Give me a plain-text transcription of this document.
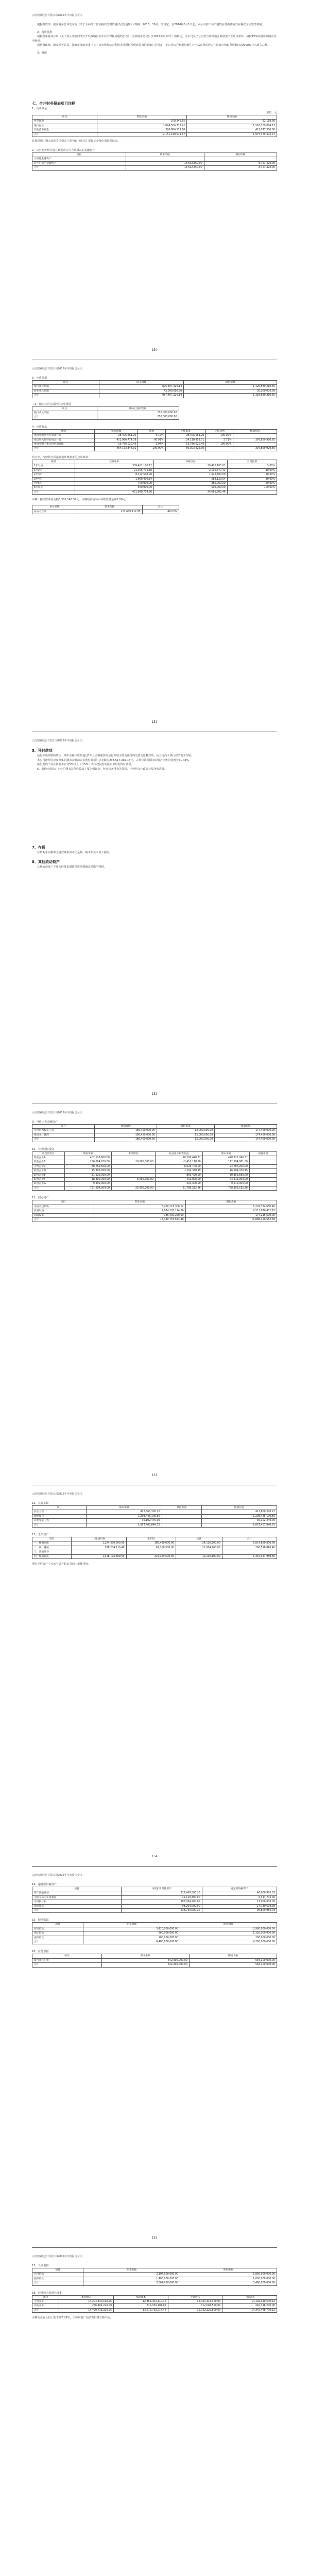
云南铝业股份有限公司2015年年度报告全文
150
云南铝业股份有限公司2015年年度报告全文
151
云南铝业股份有限公司2015年年度报告全文
152
云南铝业股份有限公司2015年年度报告全文
153
云南铝业股份有限公司2015年年度报告全文
154
云南铝业股份有限公司2015年年度报告全文
155
云南铝业股份有限公司2015年年度报告全文

根据财政部、国家税务总局发布的《关于全面推开营业税改征增值税试点的通知》（财税〔2016〕36号）的规定，自2016年5月1日起，本公司的不动产租赁业务由征收营业税改为征收增值税。

2、税收优惠

根据国家税务总局《关于深入实施西部大开发战略有关企业所得税问题的公告》（国家税务总局公告2012年第12号）的规定，本公司及子公司符合西部地区鼓励类产业项目条件，减按15%的税率缴纳企业所得税。

根据财政部、国家税务总局、国家发展改革委《关于公布资源综合利用企业所得税优惠目录的通知》的规定，子公司综合利用资源生产产品取得的收入在计算应纳税所得额时减按90%计入收入总额。

3、其他

七、合并财务报表项目注释

1、货币资金

单位：元

项目	期末余额	期初余额
库存现金	108,346.55	92,118.30
银行存款	1,824,506,713.42	1,563,209,884.17
其他货币资金	326,804,519.60	412,077,300.00
合计	2,151,419,579.57	1,975,379,302.47

其他说明：期末其他货币资金主要为银行承兑汇票保证金及信用证保证金。

2、以公允价值计量且其变动计入当期损益的金融资产

项目	期末余额	期初余额
交易性金融资产		
其中：衍生金融资产	14,502,350.00	8,761,420.00
合计	14,502,350.00	8,761,420.00

3、应收票据

项目	期末余额	期初余额
银行承兑票据	895,407,320.14	1,126,580,210.55
商业承兑票据	42,000,000.00	30,000,000.00
合计	937,407,320.14	1,156,580,210.55

（2）期末公司已质押的应收票据

项目	期末已质押金额
银行承兑票据	210,000,000.00
合计	210,000,000.00

4、应收账款

类别	账面余额	比例	坏账准备	计提比例	账面价值
单项金额重大并单项计提	28,406,551.20	6.12%	28,406,551.20	100.00%	
按信用风险特征组合计提	421,980,774.36	90.91%	24,110,853.71	5.71%	397,869,920.65
单项金额不重大但单项计提	13,786,020.45	2.97%	13,786,020.45	100.00%	
合计	464,173,346.01	100.00%	66,303,425.36		397,869,920.65

组合中，按账龄分析法计提坏账准备的应收账款：

账龄	应收账款	坏账准备	计提比例
1年以内	389,402,100.12	19,470,105.01	5.00%
1至2年	21,305,774.10	2,130,577.41	10.00%
2至3年	8,112,500.00	1,622,500.00	20.00%
3至4年	1,960,400.14	588,120.04	30.00%
4至5年	700,000.00	350,000.00	50.00%
5年以上	500,000.00	500,000.00	100.00%
合计	421,980,774.36	24,661,302.46	

本期计提坏账准备金额6,382,140.52元；本期收回或转回坏账准备金额0.00元。

单位名称	期末余额	占比
前五名合计	213,660,412.85	46.03%

5、预付款项

预付款项按账龄列示：期末余额中账龄超过1年且金额重要的预付款项主要为预付的设备及原料款项，因合同尚未执行完毕而未结转。

本公司按预付对象归集的期末余额前五名预付款项汇总金额为238,517,302.16元，占预付款项期末余额合计数的比例为71.42%。

报告期内不存在持有本公司5%以上（含5%）表决权股份的股东单位的预付款项。

6、其他应收款：本公司期末其他应收款主要为保证金、押金及备用金等款项，已按照会计政策计提坏账准备。

7、存货

存货期末余额中无借款费用资本化金额，期末存货未用于担保。

8、其他流动资产

其他流动资产主要为待抵扣增值税进项税额及预缴所得税。

9、可供出售金融资产

项目	账面余额	减值准备	账面价值
可供出售权益工具	186,450,000.00	12,000,000.00	174,450,000.00
按成本计量的	186,450,000.00	12,000,000.00	174,450,000.00
合计	186,450,000.00	12,000,000.00	174,450,000.00

10、长期股权投资

被投资单位	期初余额	本期增加	权益法下投资损益	期末余额	减值准备
联营企业A	402,118,600.00		18,206,440.31	420,325,040.31	
联营企业B	156,004,200.00	20,000,000.00	-3,410,118.20	172,594,081.80	
合营企业C	88,761,500.00		6,025,700.00	94,787,200.00	
联营企业D	45,300,000.00		1,204,330.15	46,504,330.15	
联营企业E	31,220,000.00		-860,420.00	30,359,580.00	
联营企业F	18,800,000.00	5,000,000.00	412,000.00	24,212,000.00	
联营企业G	9,400,000.00		210,300.00	9,610,300.00	
合计	751,604,300.00	25,000,000.00	21,788,332.26	798,392,532.26	

11、固定资产

项目	期末余额	期初余额
房屋及建筑物	6,420,118,300.12	6,201,334,650.40
机器设备	9,874,205,114.36	9,512,870,402.18
运输设备	186,430,220.00	174,215,600.00
合计	16,480,753,634.48	15,888,420,652.58

12、在建工程

项目	账面余额	减值准备	账面价值
技改工程	412,860,300.22		412,860,300.22
新建项目	1,208,445,100.50		1,208,445,100.50
其他零星工程	36,102,440.00		36,102,440.00
合计	1,657,407,840.72		1,657,407,840.72

13、无形资产

项目	土地使用权	采矿权	软件	合计
一、账面原值	1,204,330,500.00	386,420,000.00	24,110,300.00	1,614,860,800.00
二、累计摊销	186,204,110.40	62,310,500.00	12,004,200.00	260,518,810.40
三、减值准备				
四、账面价值	1,018,126,389.60	324,109,500.00	12,106,100.00	1,354,341,989.60

期末无形资产中无未办妥产权证书的土地使用权。

14、递延所得税资产

项目	可抵扣暂时性差异	递延所得税资产
资产减值准备	312,406,500.20	46,860,975.03
内部交易未实现利润	42,118,300.00	6,317,745.00
可抵扣亏损	186,004,200.00	27,900,630.00
递延收益	98,204,000.00	14,730,600.00
合计	638,733,000.20	95,809,950.03

15、短期借款

项目	期末余额	期初余额
信用借款	3,420,000,000.00	2,980,000,000.00
保证借款	860,000,000.00	1,120,000,000.00
抵押借款	200,000,000.00	200,000,000.00
合计	4,480,000,000.00	4,300,000,000.00

16、应付票据

种类	期末余额	期初余额
银行承兑汇票	642,300,000.00	584,100,000.00
合计	642,300,000.00	584,100,000.00

17、长期借款

项目	期末余额	期初余额
信用借款	2,104,000,000.00	1,860,000,000.00
抵押借款	1,400,000,000.00	1,600,000,000.00
合计	3,504,000,000.00	3,460,000,000.00

18、营业收入和营业成本

项目	本期收入	本期成本	上期收入	上期成本
主营业务	14,204,330,100.25	12,860,402,110.46	15,420,118,300.00	14,102,330,500.12
其他业务	286,401,220.00	210,330,104.00	312,004,500.00	240,118,200.00
合计	14,490,731,320.25	13,070,732,214.46	15,732,122,800.00	14,342,448,700.12

本期营业收入较上期下降7.89%，主要系铝产品销售价格下降所致。
